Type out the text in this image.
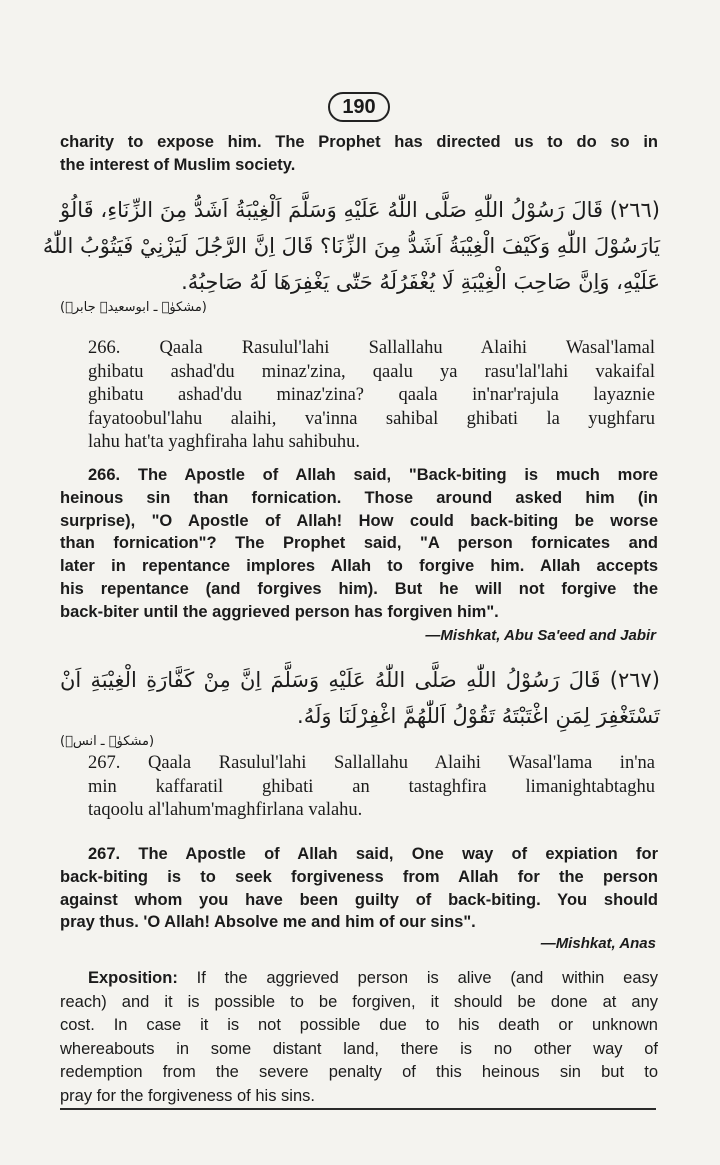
190
charity to expose him. The Prophet has directed us to do so in
the interest of Muslim society.
(٢٦٦) قَالَ رَسُوْلُ اللّٰهِ صَلَّى اللّٰهُ عَلَيْهِ وَسَلَّمَ اَلْغِيْبَةُ اَشَدُّ مِنَ الزِّنَاءِ، قَالُوْ
يَارَسُوْلَ اللّٰهِ وَكَيْفَ الْغِيْبَةُ اَشَدُّ مِنَ الزِّنَا؟ قَالَ اِنَّ الرَّجُلَ لَيَزْنِيْ فَيَتُوْبُ اللّٰهُ
عَلَيْهِ، وَاِنَّ صَاحِبَ الْغِيْبَةِ لَا يُغْفَرُلَهُ حَتّٰى يَغْفِرَهَا لَهُ صَاحِبُهُ.
(مشکوٰۃ ـ ابوسعیدؓ جابرؓ)
266. Qaala Rasulul'lahi Sallallahu Alaihi Wasal'lamal
ghibatu ashad'du minaz'zina, qaalu ya rasu'lal'lahi vakaifal
ghibatu ashad'du minaz'zina? qaala in'nar'rajula layaznie
fayatoobul'lahu alaihi, va'inna sahibal ghibati la yughfaru
lahu hat'ta yaghfiraha lahu sahibuhu.
266. The Apostle of Allah said, "Back-biting is much more
heinous sin than fornication. Those around asked him (in
surprise), "O Apostle of Allah! How could back-biting be worse
than fornication"? The Prophet said, "A person fornicates and
later in repentance implores Allah to forgive him. Allah accepts
his repentance (and forgives him). But he will not forgive the
back-biter until the aggrieved person has forgiven him".
—Mishkat, Abu Sa'eed and Jabir
(٢٦٧) قَالَ رَسُوْلُ اللّٰهِ صَلَّى اللّٰهُ عَلَيْهِ وَسَلَّمَ اِنَّ مِنْ كَفَّارَةِ الْغِيْبَةِ اَنْ
تَسْتَغْفِرَ لِمَنِ اغْتَبْتَهُ تَقُوْلُ اَللّٰهُمَّ اغْفِرْلَنَا وَلَهُ.
(مشکوٰۃ ـ انسؓ)
267. Qaala Rasulul'lahi Sallallahu Alaihi Wasal'lama in'na
min kaffaratil ghibati an tastaghfira limanightabtaghu
taqoolu al'lahum'maghfirlana valahu.
267. The Apostle of Allah said, One way of expiation for
back-biting is to seek forgiveness from Allah for the person
against whom you have been guilty of back-biting. You should
pray thus. 'O Allah! Absolve me and him of our sins".
—Mishkat, Anas
Exposition: If the aggrieved person is alive (and within easy
reach) and it is possible to be forgiven, it should be done at any
cost. In case it is not possible due to his death or unknown
whereabouts in some distant land, there is no other way of
redemption from the severe penalty of this heinous sin but to
pray for the forgiveness of his sins.
